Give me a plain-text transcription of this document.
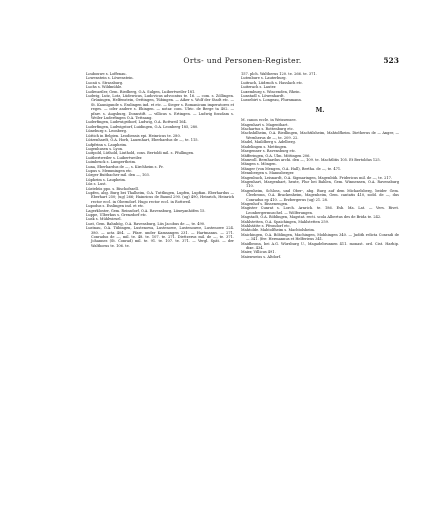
Orts- und Personen-Register.	523

Loubouwe s. Loffenau.

Lowenstein s. Löwenstein.

Lucaü s. Strassburg.

Luchs s. Wildmühle.

Ludiwaeiler, Gem. Riedberg, O.A. Sulgen, Luibertweiler 181.

Ludwig, Lutz, Lotz, Lüdewicus, Ludovicus advocatus te. 16. — com. s. Zöllingen. Grüningen, Helfenstein, Oettingen, Tübingen. — Aiker s. Wolf der Stadt etc. — St. Kaunigunde s. Esslingen ind. et etc. — Sieger s. Romanicum imperatores et reges. — oder andere s. Ehingen. — notar. com. Ulric. de Berge ta 402. — pfarr. s. Augsburg, Donnstift. — villicus s. Ertingen. — Ludwig fossdam s. Weiler Luderfingen O.A. Tettnang.

Luderfingen, Ludewigsthorf, Ludwig, O.A. Rottweil 164.

Luderfingen, Ludwigstorf, Luidingen, O.A. Leonberg 185, 280.

Lüneburg s. Leonberg.

Lüttich in Belgien. Leodiensis epi. Heinricus te. 280.

Lützenhardt, O.A. Horb, Lauenhart, Eberhardus de —, te. 115.

Lufpfrinn s. Laupheim.

Lugenhusen s. Lyon.

Luitpold, Lüthold, Liuthold, cons. Bertoldi mil. s. Pfullingen.

Luitbertweiler s. Luibertweiler.

Luimbruck s. Lampertheim.

Luna, Eberhardus de —, s. Kirchheim s. Fr.

Lupus s. Memmingen etc.

Lürger Buitbacher mil. den —, 103.

Lüpheim s. Laupheim.

Lüs s. Lust.

Lüstebüs ppo. s. Bischofszell.

Lupfen, abg. Burg bei Thalheim, O.A. Tuttlingen, Lupfen, Lupfian. Eberhardus — Eberhart 250; (ug) 266; Hainricus de Bauml 290. (ug) 490, Heinrich, Heinrich rector eccl. in Oberndorf. Hugo rector eccl. in Rottweil.

Lupodus s. Esslingen ind. et etc.

Lagerkloster, Gem. Reinsdorf, O.A. Ravensburg, Lüxeyanhöfen 15.

Luppe, Ulberkus s. Grenzdorf etc.

Lusk s. Mühlwiesel.

Lust, Gem. Bahnbög, O.A. Ravensburg, Lüs Jacobus de —, te. 490.

Lustnau, O.A. Tübingen, Lustenowa, Lustenowe, Lustenouwe, Lustenowe 224. 380. — acta 404. — Ffarr. under Kamsangen 231. — Hartmanns. — 271. Conradus de —, mil. te. 48. te. 107. te. 271. Diettzerus mil. de —, te. 371. Johannes (St. Conrad) mil. te. 91. te. 107. te. 371. — Vergl. Spät. — der Walthorus te. 106. te.

157. plch. Waltherus 120. te. 266. te. 371.

Lutenbure s. Lauterburg.

Luitrach, Lüdrnoh s. Hasslach etc.

Luiterach s. Lauter.

Luxemburg s. Wincenden, Rhein.

Lunstadl s. Löwenhardt.

Lussebirt s. Longeau, Flurnmann.

M.

M. canon eccle. in Weissensee.

Magenhart s. Magenthart.

Machartus s. Rottenburg etc.

Machshilheim, O.A. Riedlingen, Machtilsheim, Mahtolfheim. Dietherus de — Anger, — Wernherus de —, te. 209. 22.

Madel, Maildberg s. Adelberg.

Madelingen s. Mettingen.

Maegenner s. Ravensburg etc.

Mäfferingen, O.A. Ulm. Mittingen 206.

Mamvoll. Bernhardus archi. den —, 109. te. Machtlitis 105. Et Bertoldus 125.

Mängen s. Möngen.

Mänger (von Mengen, O.A. Hall), Bertha. de —, te. 471.

Mennbergen s. Mannsberger.

Magenbuch, Leisnardt, O.A. Sigmaringen, Magenbüh. Fridericus mil. de —, te. 217.

Magenhart, Margenhart, heute, Flur bei Bahlen, Gem. Winnensen, O.A. Ravensburg 110.

Magenheim, Schloss, und Ober-, abg. Burg auf dem Michaelsberg, beider Gem. Cleebronn, O.A. Brackenheim, Magenheim, Gem. cantatis 410, sodd. de —, dus Conradus ep 410. — Erzbergerus (ug) 21. 28.

Magenhof s. Bissenengen.

Magister Cunrat s. Lorch. Arnrich. te. 186. Esb. Ma. Lat. — Vers. Rivet. Leonbergermuschel. — Wölferungen.

Magstadt, O.A. Böblingen, Magstat. recti. scola Albertus des de Brida te. 242.

Mahlstetten, O.A. Spaichingen, Mahlstetten 259.

Mahlstätte s. Pfrondorf etc.

Mahtolde. Mahtolfheim s. Machtolsheim.

Maichingen, O.A. Böblingen, Machingen, Mohhingen 340. — Judith relicta Conradi de — 341. (fre: Hermannus et Helferieus 341.

Maidbronn, bei A.G. Würzburg U., Magadebrunnen 411. monast. ord. Cist. Harhip. dixe. 434.

Maier, Villicus 491.

Maienweiss s. Altdorf.
